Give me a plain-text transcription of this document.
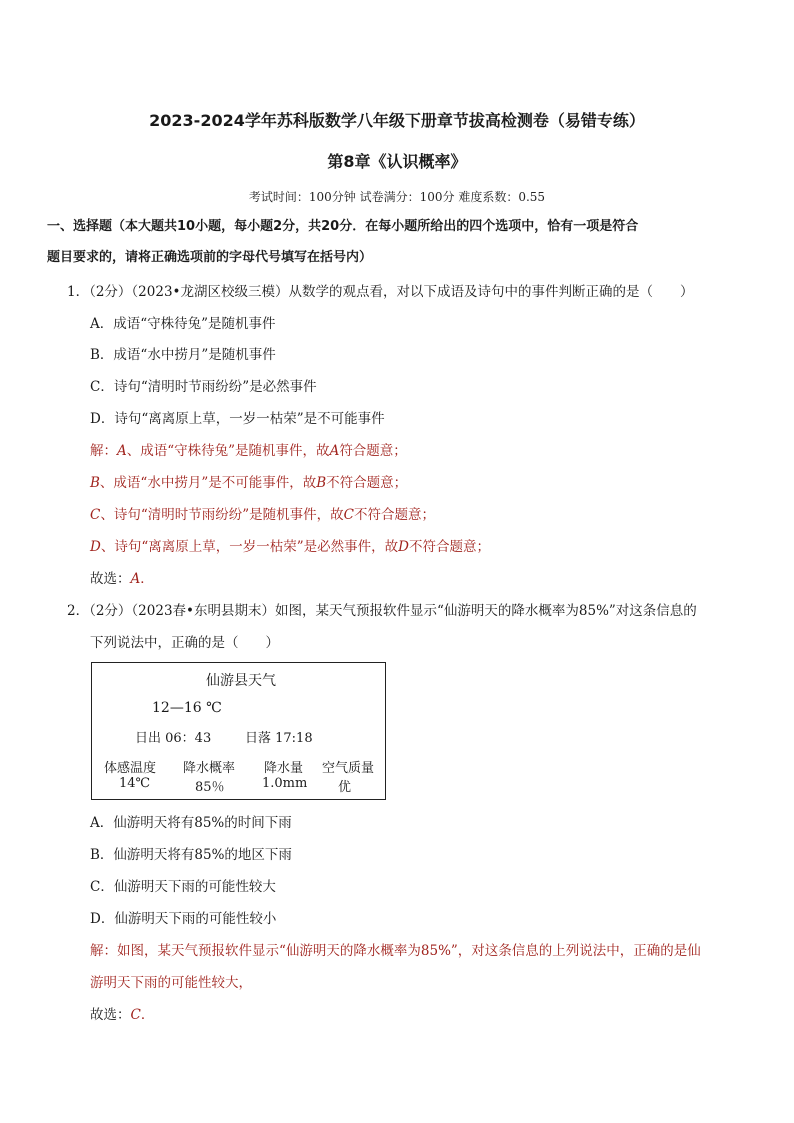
2023-2024学年苏科版数学八年级下册章节拔高检测卷（易错专练）
第8章《认识概率》
考试时间：100分钟 试卷满分：100分 难度系数：0.55
一、选择题（本大题共10小题，每小题2分，共20分．在每小题所给出的四个选项中，恰有一项是符合
题目要求的，请将正确选项前的字母代号填写在括号内）
1．（2分）（2023•龙湖区校级三模）从数学的观点看，对以下成语及诗句中的事件判断正确的是（　　）
A．成语“守株待兔”是随机事件
B．成语“水中捞月”是随机事件
C．诗句“清明时节雨纷纷”是必然事件
D．诗句“离离原上草，一岁一枯荣”是不可能事件
解：A、成语“守株待兔”是随机事件，故A符合题意；
B、成语“水中捞月”是不可能事件，故B不符合题意；
C、诗句“清明时节雨纷纷”是随机事件，故C不符合题意；
D、诗句“离离原上草，一岁一枯荣”是必然事件，故D不符合题意；
故选：A．
2．（2分）（2023春•东明县期末）如图，某天气预报软件显示“仙游明天的降水概率为85%”对这条信息的
下列说法中，正确的是（　　）
仙游县天气
12—16 ℃
日出 06：43	日落 17:18
体感温度 降水概率 降水量 空气质量
14℃	85％	1.0mm 优
A．仙游明天将有85%的时间下雨
B．仙游明天将有85%的地区下雨
C．仙游明天下雨的可能性较大
D．仙游明天下雨的可能性较小
解：如图，某天气预报软件显示“仙游明天的降水概率为85%”，对这条信息的上列说法中，正确的是仙
游明天下雨的可能性较大，
故选：C．
